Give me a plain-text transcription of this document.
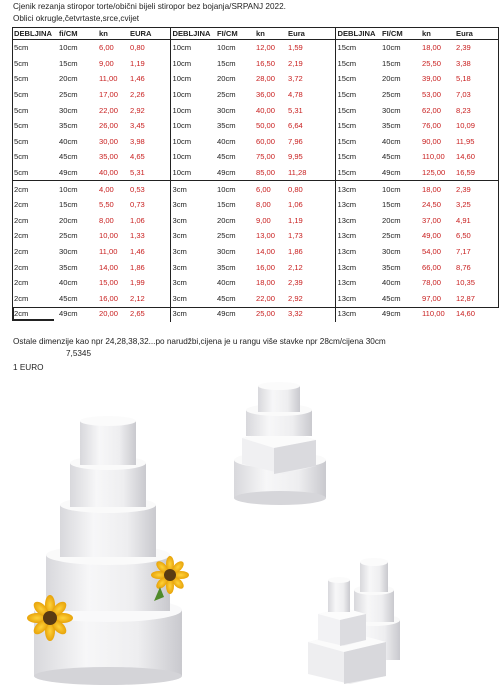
Cjenik rezanja stiropor torte/obični bijeli stiropor bez bojanja/SRPANJ 2022.
Oblici okrugle,četvrtaste,srce,cvijet
DEBLJINA	fi/CM	kn	EURA	DEBLJINA	FI/CM	kn	Eura	DEBLJINA	FI/CM	kn	Eura
5cm	10cm	6,00	0,80	10cm	10cm	12,00	1,59	15cm	10cm	18,00	2,39
5cm	15cm	9,00	1,19	10cm	15cm	16,50	2,19	15cm	15cm	25,50	3,38
5cm	20cm	11,00	1,46	10cm	20cm	28,00	3,72	15cm	20cm	39,00	5,18
5cm	25cm	17,00	2,26	10cm	25cm	36,00	4,78	15cm	25cm	53,00	7,03
5cm	30cm	22,00	2,92	10cm	30cm	40,00	5,31	15cm	30cm	62,00	8,23
5cm	35cm	26,00	3,45	10cm	35cm	50,00	6,64	15cm	35cm	76,00	10,09
5cm	40cm	30,00	3,98	10cm	40cm	60,00	7,96	15cm	40cm	90,00	11,95
5cm	45cm	35,00	4,65	10cm	45cm	75,00	9,95	15cm	45cm	110,00	14,60
5cm	49cm	40,00	5,31	10cm	49cm	85,00	11,28	15cm	49cm	125,00	16,59
2cm	10cm	4,00	0,53	3cm	10cm	6,00	0,80	13cm	10cm	18,00	2,39
2cm	15cm	5,50	0,73	3cm	15cm	8,00	1,06	13cm	15cm	24,50	3,25
2cm	20cm	8,00	1,06	3cm	20cm	9,00	1,19	13cm	20cm	37,00	4,91
2cm	25cm	10,00	1,33	3cm	25cm	13,00	1,73	13cm	25cm	49,00	6,50
2cm	30cm	11,00	1,46	3cm	30cm	14,00	1,86	13cm	30cm	54,00	7,17
2cm	35cm	14,00	1,86	3cm	35cm	16,00	2,12	13cm	35cm	66,00	8,76
2cm	40cm	15,00	1,99	3cm	40cm	18,00	2,39	13cm	40cm	78,00	10,35
2cm	45cm	16,00	2,12	3cm	45cm	22,00	2,92	13cm	45cm	97,00	12,87
2cm	49cm	20,00	2,65	3cm	49cm	25,00	3,32	13cm	49cm	110,00	14,60
Ostale dimenzije kao npr 24,28,38,32...po narudžbi,cijena je u rangu više stavke npr 28cm/cijena 30cm
7,5345
1 EURO
